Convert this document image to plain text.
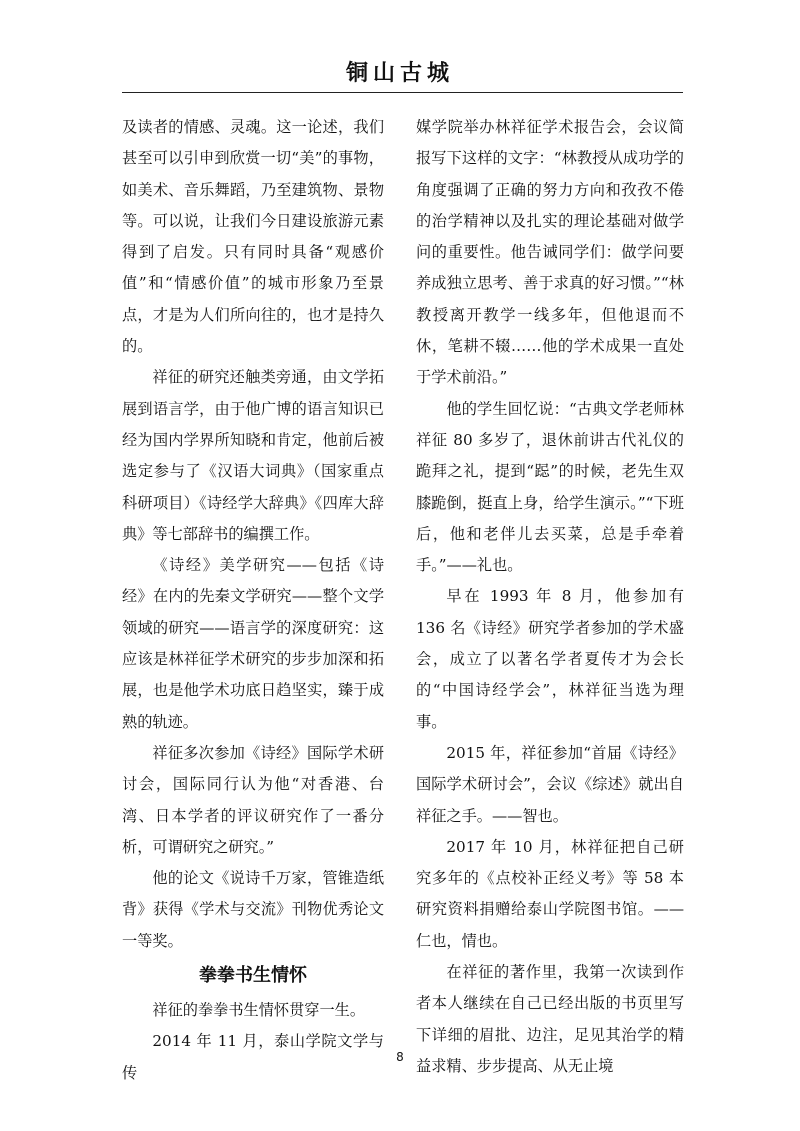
铜山古城

及读者的情感、灵魂。这一论述，我们甚至可以引申到欣赏一切“美”的事物，如美术、音乐舞蹈，乃至建筑物、景物等。可以说，让我们今日建设旅游元素得到了启发。只有同时具备“观感价值”和“情感价值”的城市形象乃至景点，才是为人们所向往的，也才是持久的。

祥征的研究还触类旁通，由文学拓展到语言学，由于他广博的语言知识已经为国内学界所知晓和肯定，他前后被选定参与了《汉语大词典》（国家重点科研项目）《诗经学大辞典》《四库大辞典》等七部辞书的编撰工作。

《诗经》美学研究——包括《诗经》在内的先秦文学研究——整个文学领域的研究——语言学的深度研究：这应该是林祥征学术研究的步步加深和拓展，也是他学术功底日趋坚实，臻于成熟的轨迹。

祥征多次参加《诗经》国际学术研讨会，国际同行认为他“对香港、台湾、日本学者的评议研究作了一番分析，可谓研究之研究。”

他的论文《说诗千万家，管锥造纸背》获得《学术与交流》刊物优秀论文一等奖。

拳拳书生情怀

祥征的拳拳书生情怀贯穿一生。

2014 年 11 月，泰山学院文学与传

媒学院举办林祥征学术报告会，会议简报写下这样的文字：“林教授从成功学的角度强调了正确的努力方向和孜孜不倦的治学精神以及扎实的理论基础对做学问的重要性。他告诫同学们：做学问要养成独立思考、善于求真的好习惯。”“林教授离开教学一线多年，但他退而不休，笔耕不辍……他的学术成果一直处于学术前沿。”

他的学生回忆说：“古典文学老师林祥征 80 多岁了，退休前讲古代礼仪的跪拜之礼，提到“跽”的时候，老先生双膝跪倒，挺直上身，给学生演示。”“下班后，他和老伴儿去买菜，总是手牵着手。”——礼也。

早在 1993 年 8 月，他参加有 136 名《诗经》研究学者参加的学术盛会，成立了以著名学者夏传才为会长的“中国诗经学会”，林祥征当选为理事。

2015 年，祥征参加“首届《诗经》国际学术研讨会”，会议《综述》就出自祥征之手。——智也。

2017 年 10 月，林祥征把自己研究多年的《点校补正经义考》等 58 本研究资料捐赠给泰山学院图书馆。——仁也，情也。

在祥征的著作里，我第一次读到作者本人继续在自己已经出版的书页里写下详细的眉批、边注，足见其治学的精益求精、步步提高、从无止境

8
